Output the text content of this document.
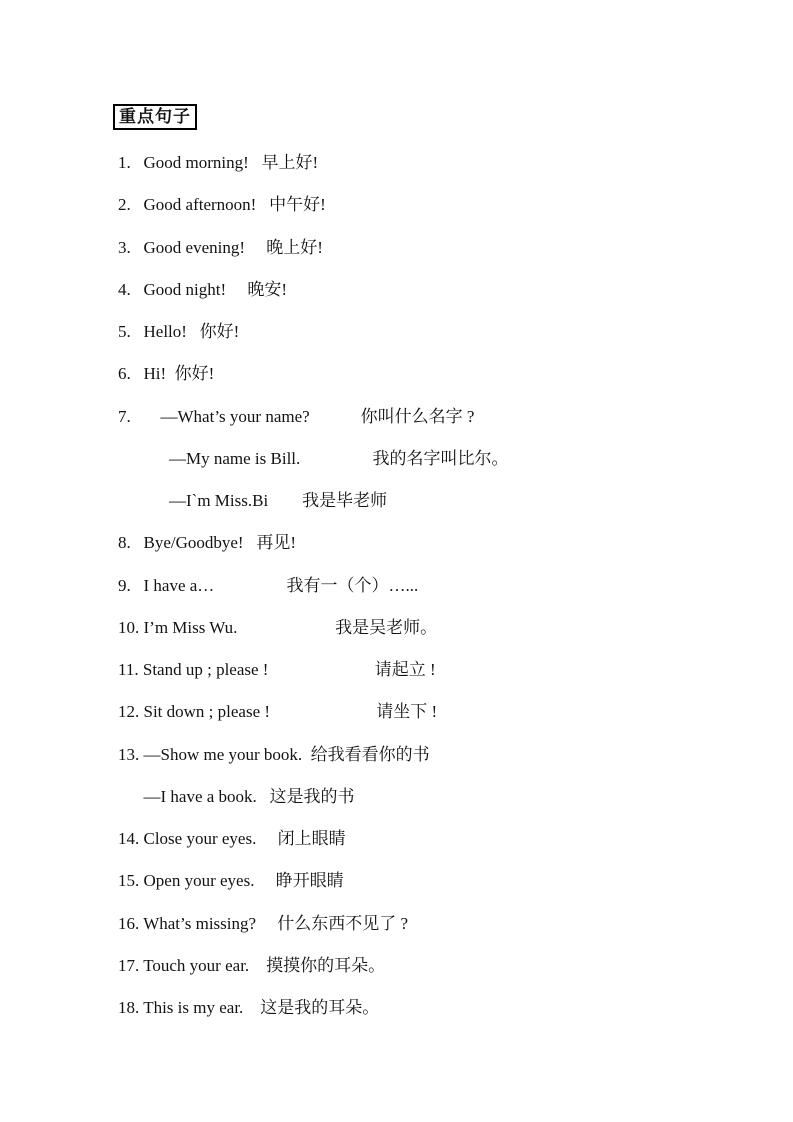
重点句子
1.   Good morning!   早上好!
2.   Good afternoon!   中午好!
3.   Good evening!     晚上好!
4.   Good night!     晚安!
5.   Hello!   你好!
6.   Hi!  你好!
7.       —What’s your name?            你叫什么名字 ?
—My name is Bill.                 我的名字叫比尔。
—I`m Miss.Bi        我是毕老师
8.   Bye/Goodbye!   再见!
9.   I have a…                 我有一（个）…...
10. I’m Miss Wu.                       我是吴老师。
11. Stand up ; please !                         请起立 !
12. Sit down ; please !                         请坐下 !
13. —Show me your book.  给我看看你的书
—I have a book.   这是我的书
14. Close your eyes.     闭上眼睛
15. Open your eyes.     睁开眼睛
16. What’s missing?     什么东西不见了 ?
17. Touch your ear.    摸摸你的耳朵。
18. This is my ear.    这是我的耳朵。
